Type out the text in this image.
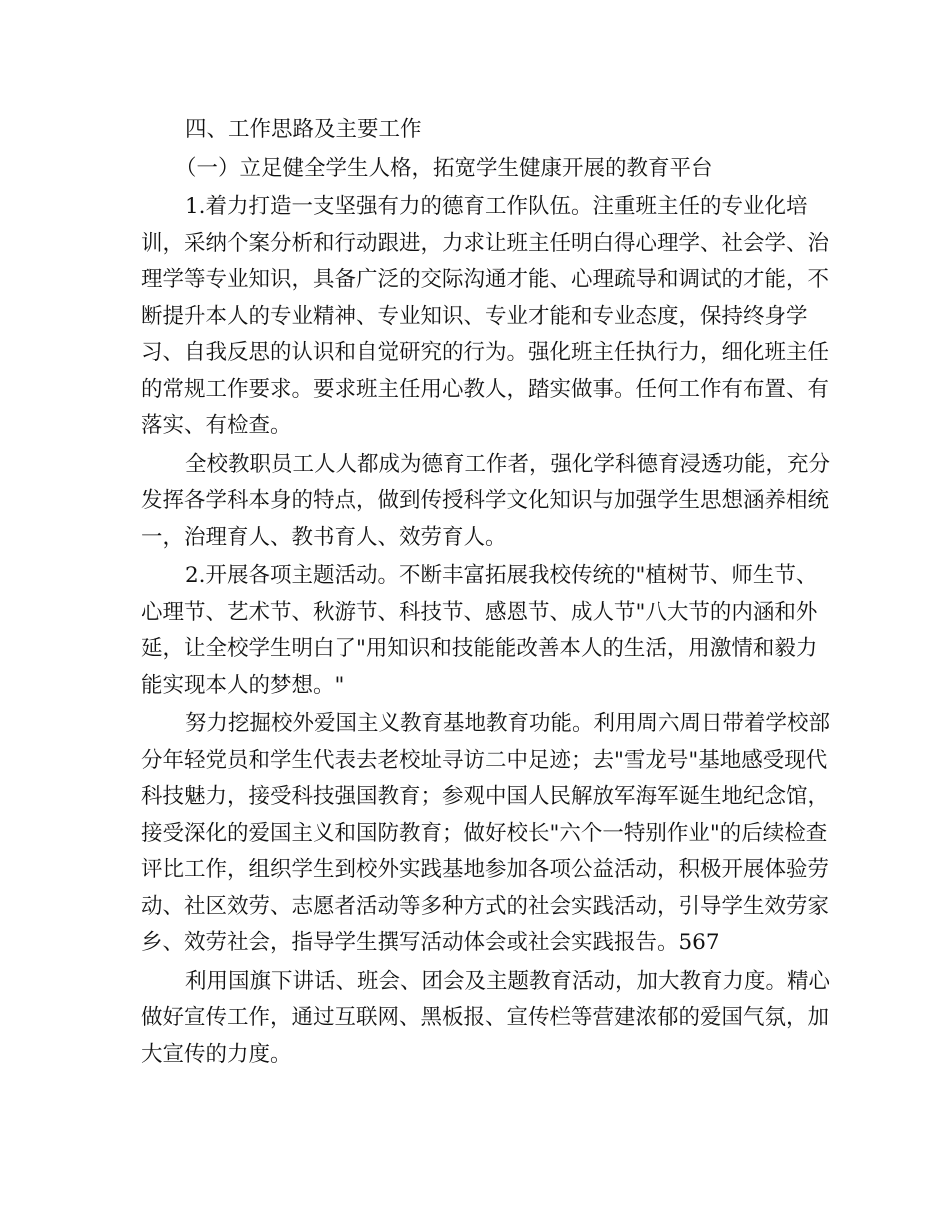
四、工作思路及主要工作

（一）立足健全学生人格，拓宽学生健康开展的教育平台

1.着力打造一支坚强有力的德育工作队伍。注重班主任的专业化培训，采纳个案分析和行动跟进，力求让班主任明白得心理学、社会学、治理学等专业知识，具备广泛的交际沟通才能、心理疏导和调试的才能，不断提升本人的专业精神、专业知识、专业才能和专业态度，保持终身学习、自我反思的认识和自觉研究的行为。强化班主任执行力，细化班主任的常规工作要求。要求班主任用心教人，踏实做事。任何工作有布置、有落实、有检查。

全校教职员工人人都成为德育工作者，强化学科德育浸透功能，充分发挥各学科本身的特点，做到传授科学文化知识与加强学生思想涵养相统一，治理育人、教书育人、效劳育人。

2.开展各项主题活动。不断丰富拓展我校传统的"植树节、师生节、心理节、艺术节、秋游节、科技节、感恩节、成人节"八大节的内涵和外延，让全校学生明白了"用知识和技能能改善本人的生活，用激情和毅力能实现本人的梦想。"

努力挖掘校外爱国主义教育基地教育功能。利用周六周日带着学校部分年轻党员和学生代表去老校址寻访二中足迹；去"雪龙号"基地感受现代科技魅力，接受科技强国教育；参观中国人民解放军海军诞生地纪念馆，接受深化的爱国主义和国防教育；做好校长"六个一特别作业"的后续检查评比工作，组织学生到校外实践基地参加各项公益活动，积极开展体验劳动、社区效劳、志愿者活动等多种方式的社会实践活动，引导学生效劳家乡、效劳社会，指导学生撰写活动体会或社会实践报告。567

利用国旗下讲话、班会、团会及主题教育活动，加大教育力度。精心做好宣传工作，通过互联网、黑板报、宣传栏等营建浓郁的爱国气氛，加大宣传的力度。
